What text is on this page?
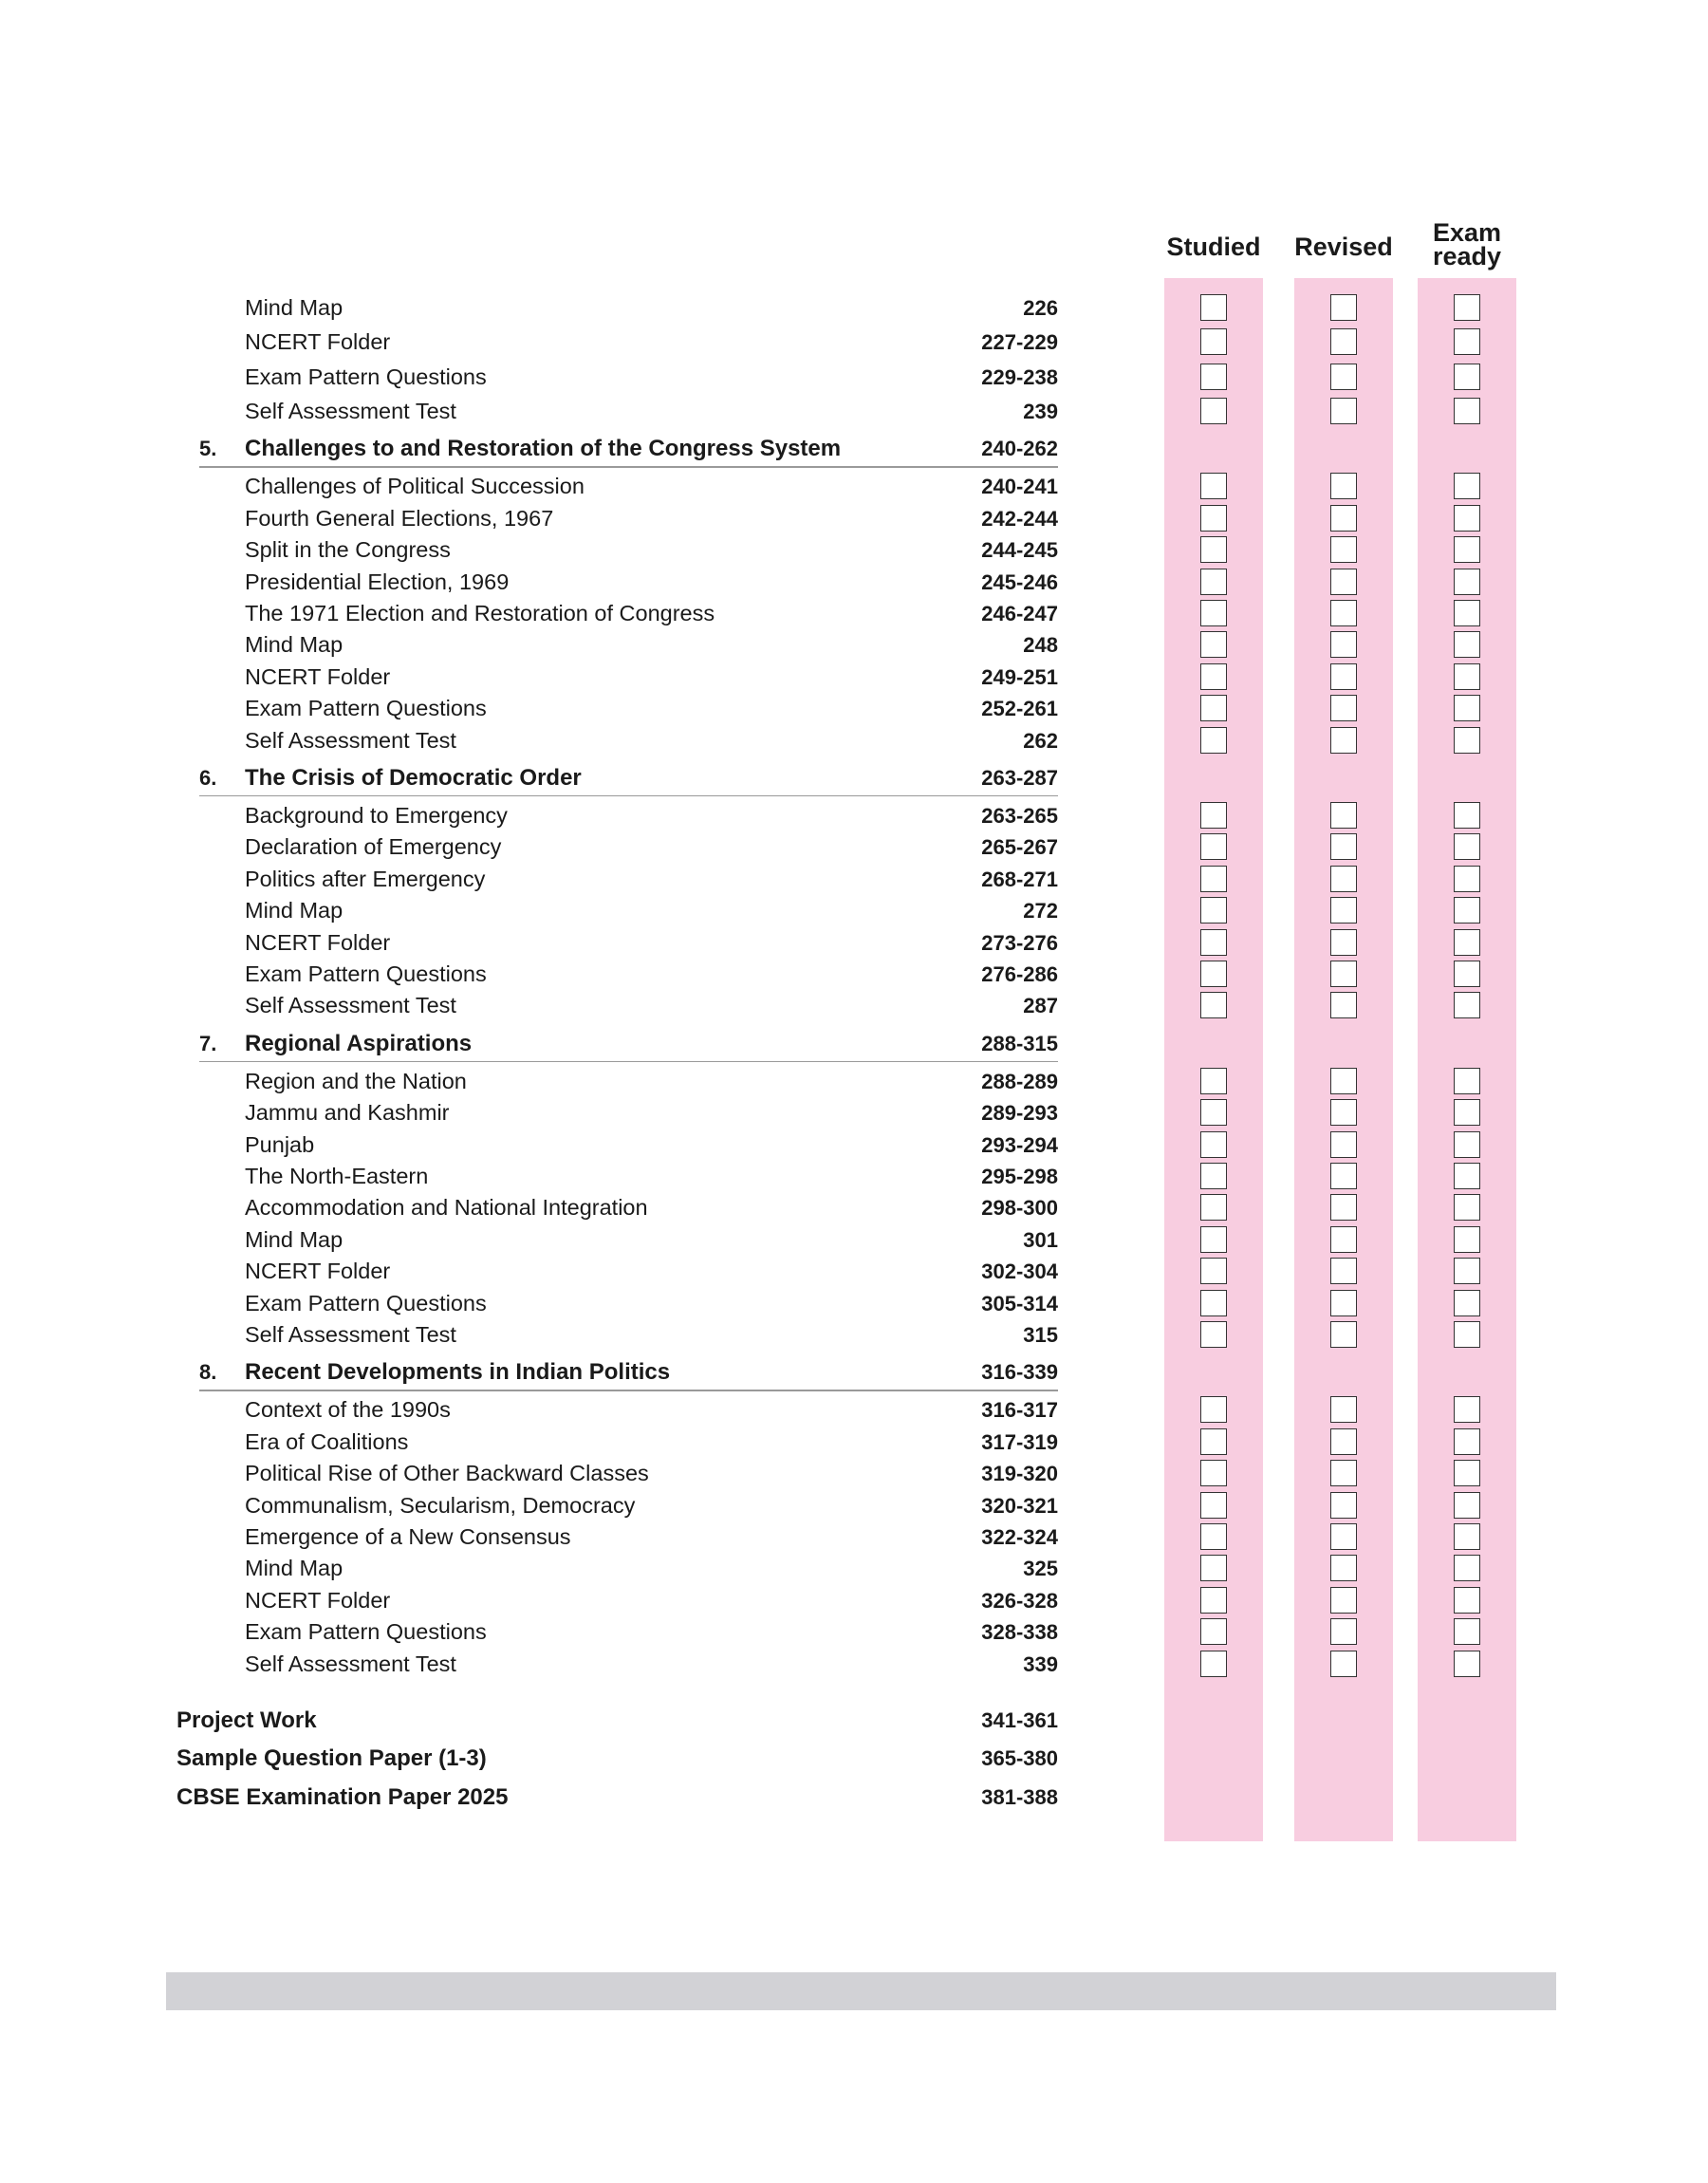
Studied	Revised	Exam
ready
Mind Map	226
NCERT Folder	227-229
Exam Pattern Questions	229-238
Self Assessment Test	239
5. Challenges to and Restoration of the Congress System	240-262
Challenges of Political Succession	240-241
Fourth General Elections, 1967	242-244
Split in the Congress	244-245
Presidential Election, 1969	245-246
The 1971 Election and Restoration of Congress	246-247
Mind Map	248
NCERT Folder	249-251
Exam Pattern Questions	252-261
Self Assessment Test	262
6. The Crisis of Democratic Order	263-287
Background to Emergency	263-265
Declaration of Emergency	265-267
Politics after Emergency	268-271
Mind Map	272
NCERT Folder	273-276
Exam Pattern Questions	276-286
Self Assessment Test	287
7. Regional Aspirations	288-315
Region and the Nation	288-289
Jammu and Kashmir	289-293
Punjab	293-294
The North-Eastern	295-298
Accommodation and National Integration	298-300
Mind Map	301
NCERT Folder	302-304
Exam Pattern Questions	305-314
Self Assessment Test	315
8. Recent Developments in Indian Politics	316-339
Context of the 1990s	316-317
Era of Coalitions	317-319
Political Rise of Other Backward Classes	319-320
Communalism, Secularism, Democracy	320-321
Emergence of a New Consensus	322-324
Mind Map	325
NCERT Folder	326-328
Exam Pattern Questions	328-338
Self Assessment Test	339
Project Work	341-361
Sample Question Paper (1-3)	365-380
CBSE Examination Paper 2025	381-388
